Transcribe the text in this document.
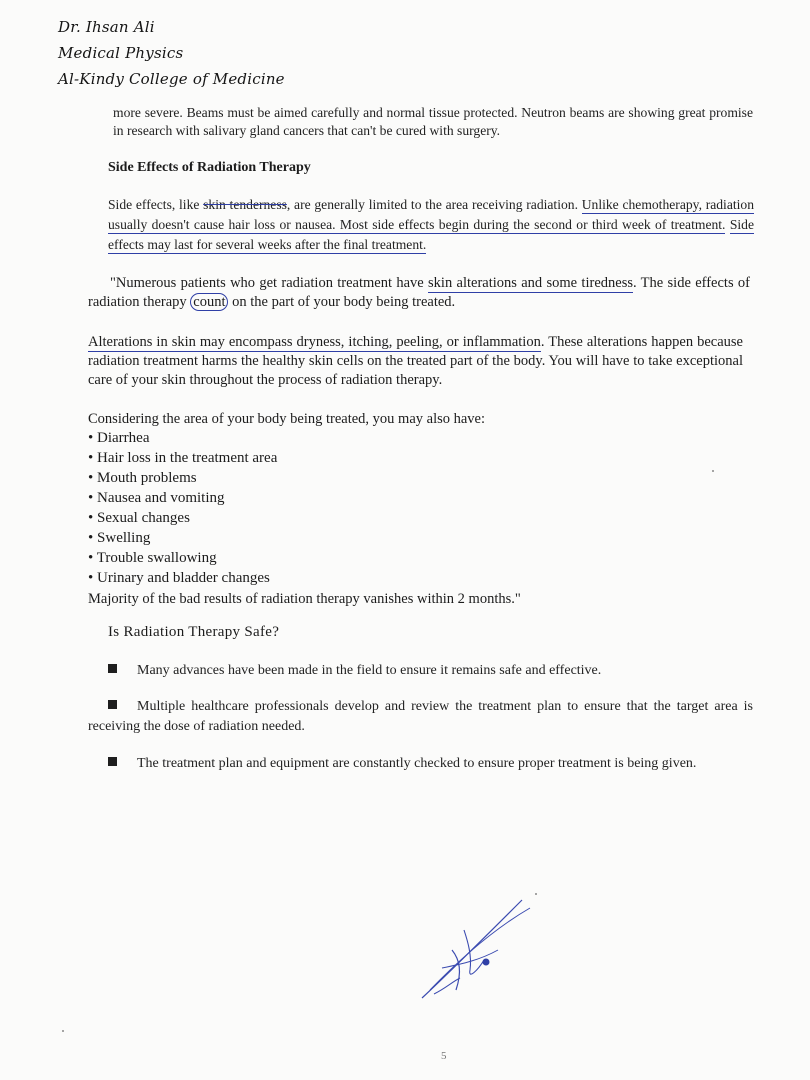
Dr. Ihsan Ali
Medical Physics
Al-Kindy College of Medicine
more severe. Beams must be aimed carefully and normal tissue protected. Neutron beams are showing great promise in research with salivary gland cancers that can't be cured with surgery.
Side Effects of Radiation Therapy
Side effects, like skin tenderness, are generally limited to the area receiving radiation. Unlike chemotherapy, radiation usually doesn't cause hair loss or nausea. Most side effects begin during the second or third week of treatment. Side effects may last for several weeks after the final treatment.
"Numerous patients who get radiation treatment have skin alterations and some tiredness. The side effects of radiation therapy count on the part of your body being treated.
Alterations in skin may encompass dryness, itching, peeling, or inflammation. These alterations happen because radiation treatment harms the healthy skin cells on the treated part of the body. You will have to take exceptional care of your skin throughout the process of radiation therapy.
Considering the area of your body being treated, you may also have:
• Diarrhea
• Hair loss in the treatment area
• Mouth problems
• Nausea and vomiting
• Sexual changes
• Swelling
• Trouble swallowing
• Urinary and bladder changes
Majority of the bad results of radiation therapy vanishes within 2 months."
Is Radiation Therapy Safe?
Many advances have been made in the field to ensure it remains safe and effective.
Multiple healthcare professionals develop and review the treatment plan to ensure that the target area is receiving the dose of radiation needed.
The treatment plan and equipment are constantly checked to ensure proper treatment is being given.
5
